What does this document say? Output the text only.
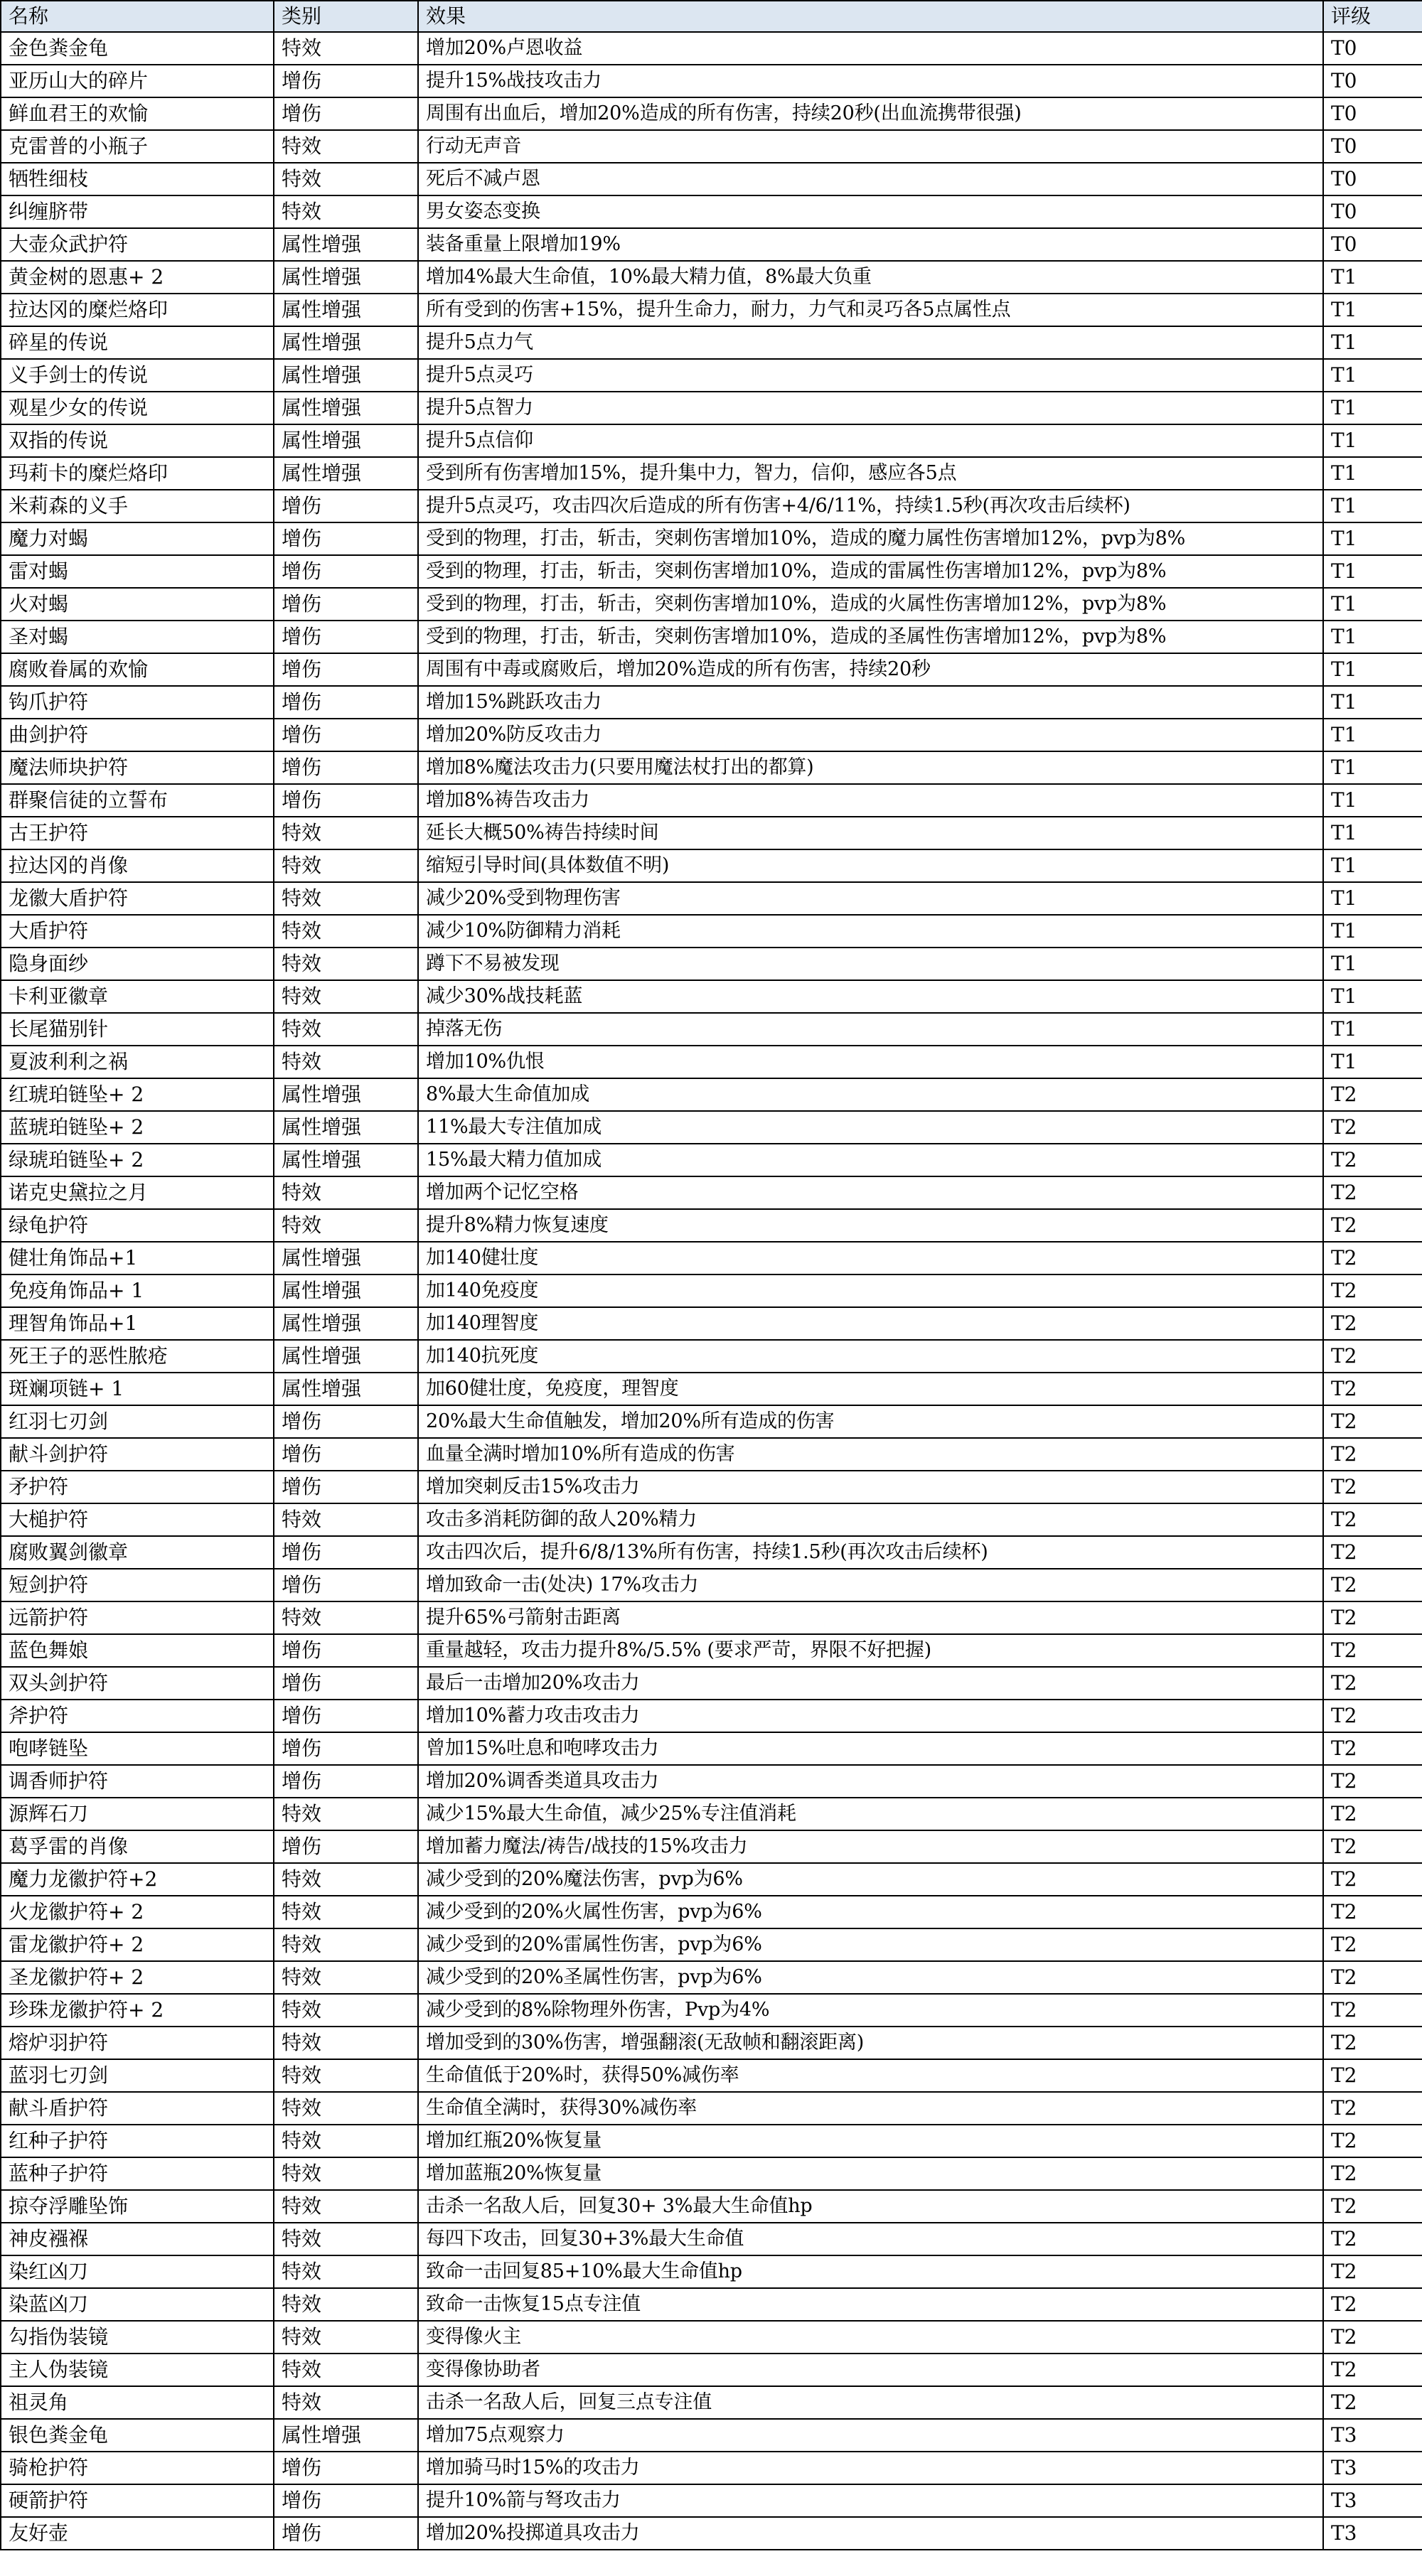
名称	类别	效果	评级
金色粪金龟	特效	增加20%卢恩收益	T0
亚历山大的碎片	增伤	提升15%战技攻击力	T0
鲜血君王的欢愉	增伤	周围有出血后，增加20%造成的所有伤害，持续20秒(出血流携带很强)	T0
克雷普的小瓶子	特效	行动无声音	T0
牺牲细枝	特效	死后不减卢恩	T0
纠缠脐带	特效	男女姿态变换	T0
大壶众武护符	属性增强	装备重量上限增加19%	T0
黄金树的恩惠+ 2	属性增强	增加4%最大生命值，10%最大精力值，8%最大负重	T1
拉达冈的糜烂烙印	属性增强	所有受到的伤害+15%，提升生命力，耐力，力气和灵巧各5点属性点	T1
碎星的传说	属性增强	提升5点力气	T1
义手剑士的传说	属性增强	提升5点灵巧	T1
观星少女的传说	属性增强	提升5点智力	T1
双指的传说	属性增强	提升5点信仰	T1
玛莉卡的糜烂烙印	属性增强	受到所有伤害增加15%，提升集中力，智力，信仰，感应各5点	T1
米莉森的义手	增伤	提升5点灵巧，攻击四次后造成的所有伤害+4/6/11%，持续1.5秒(再次攻击后续杯)	T1
魔力对蝎	增伤	受到的物理，打击，斩击，突刺伤害增加10%，造成的魔力属性伤害增加12%，pvp为8%	T1
雷对蝎	增伤	受到的物理，打击，斩击，突刺伤害增加10%，造成的雷属性伤害增加12%，pvp为8%	T1
火对蝎	增伤	受到的物理，打击，斩击，突刺伤害增加10%，造成的火属性伤害增加12%，pvp为8%	T1
圣对蝎	增伤	受到的物理，打击，斩击，突刺伤害增加10%，造成的圣属性伤害增加12%，pvp为8%	T1
腐败眷属的欢愉	增伤	周围有中毒或腐败后，增加20%造成的所有伤害，持续20秒	T1
钩爪护符	增伤	增加15%跳跃攻击力	T1
曲剑护符	增伤	增加20%防反攻击力	T1
魔法师块护符	增伤	增加8%魔法攻击力(只要用魔法杖打出的都算)	T1
群聚信徒的立誓布	增伤	增加8%祷告攻击力	T1
古王护符	特效	延长大概50%祷告持续时间	T1
拉达冈的肖像	特效	缩短引导时间(具体数值不明)	T1
龙徽大盾护符	特效	减少20%受到物理伤害	T1
大盾护符	特效	减少10%防御精力消耗	T1
隐身面纱	特效	蹲下不易被发现	T1
卡利亚徽章	特效	减少30%战技耗蓝	T1
长尾猫别针	特效	掉落无伤	T1
夏波利利之祸	特效	增加10%仇恨	T1
红琥珀链坠+ 2	属性增强	8%最大生命值加成	T2
蓝琥珀链坠+ 2	属性增强	11%最大专注值加成	T2
绿琥珀链坠+ 2	属性增强	15%最大精力值加成	T2
诺克史黛拉之月	特效	增加两个记忆空格	T2
绿龟护符	特效	提升8%精力恢复速度	T2
健壮角饰品+1	属性增强	加140健壮度	T2
免疫角饰品+ 1	属性增强	加140免疫度	T2
理智角饰品+1	属性增强	加140理智度	T2
死王子的恶性脓疮	属性增强	加140抗死度	T2
斑斓项链+ 1	属性增强	加60健壮度，免疫度，理智度	T2
红羽七刃剑	增伤	20%最大生命值触发，增加20%所有造成的伤害	T2
献斗剑护符	增伤	血量全满时增加10%所有造成的伤害	T2
矛护符	增伤	增加突刺反击15%攻击力	T2
大槌护符	特效	攻击多消耗防御的敌人20%精力	T2
腐败翼剑徽章	增伤	攻击四次后，提升6/8/13%所有伤害，持续1.5秒(再次攻击后续杯)	T2
短剑护符	增伤	增加致命一击(处决) 17%攻击力	T2
远箭护符	特效	提升65%弓箭射击距离	T2
蓝色舞娘	增伤	重量越轻，攻击力提升8%/5.5% (要求严苛，界限不好把握)	T2
双头剑护符	增伤	最后一击增加20%攻击力	T2
斧护符	增伤	增加10%蓄力攻击攻击力	T2
咆哮链坠	增伤	曾加15%吐息和咆哮攻击力	T2
调香师护符	增伤	增加20%调香类道具攻击力	T2
源辉石刀	特效	减少15%最大生命值，减少25%专注值消耗	T2
葛孚雷的肖像	增伤	增加蓄力魔法/祷告/战技的15%攻击力	T2
魔力龙徽护符+2	特效	减少受到的20%魔法伤害，pvp为6%	T2
火龙徽护符+ 2	特效	减少受到的20%火属性伤害，pvp为6%	T2
雷龙徽护符+ 2	特效	减少受到的20%雷属性伤害，pvp为6%	T2
圣龙徽护符+ 2	特效	减少受到的20%圣属性伤害，pvp为6%	T2
珍珠龙徽护符+ 2	特效	减少受到的8%除物理外伤害，Pvp为4%	T2
熔炉羽护符	特效	增加受到的30%伤害，增强翻滚(无敌帧和翻滚距离)	T2
蓝羽七刃剑	特效	生命值低于20%时，获得50%减伤率	T2
献斗盾护符	特效	生命值全满时，获得30%减伤率	T2
红种子护符	特效	增加红瓶20%恢复量	T2
蓝种子护符	特效	增加蓝瓶20%恢复量	T2
掠夺浮雕坠饰	特效	击杀一名敌人后，回复30+ 3%最大生命值hp	T2
神皮襁褓	特效	每四下攻击，回复30+3%最大生命值	T2
染红凶刀	特效	致命一击回复85+10%最大生命值hp	T2
染蓝凶刀	特效	致命一击恢复15点专注值	T2
勾指伪装镜	特效	变得像火主	T2
主人伪装镜	特效	变得像协助者	T2
祖灵角	特效	击杀一名敌人后，回复三点专注值	T2
银色粪金龟	属性增强	增加75点观察力	T3
骑枪护符	增伤	增加骑马时15%的攻击力	T3
硬箭护符	增伤	提升10%箭与弩攻击力	T3
友好壶	增伤	增加20%投掷道具攻击力	T3
